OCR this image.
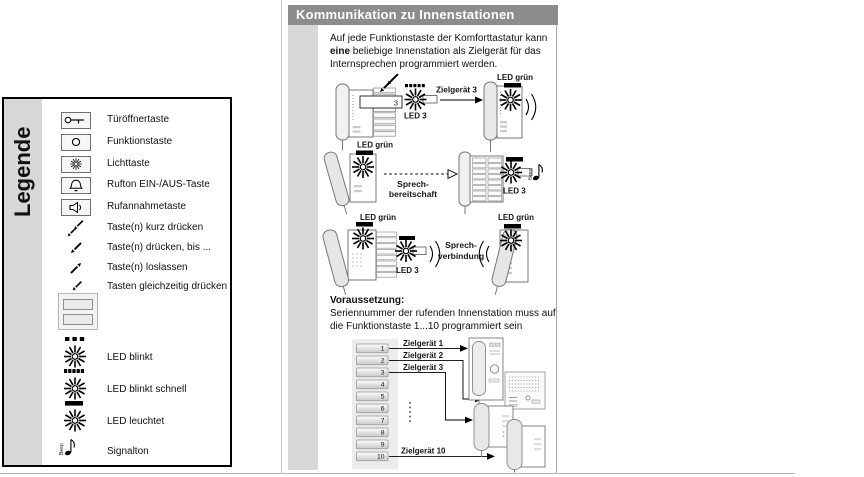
Legende
Türöffnertaste
Funktionstaste
Lichttaste
Rufton EIN-/AUS-Taste
Rufannahmetaste
Taste(n) kurz drücken
Taste(n) drücken, bis ...
Taste(n) loslassen
Tasten gleichzeitig drücken
LED blinkt
LED blinkt schnell
LED leuchtet
Beep	Signalton
Kommunikation zu Innenstationen
Auf jede Funktionstaste der Komforttastatur kann
eine beliebige Innenstation als Zielgerät für das
Internsprechen programmiert werden.
Voraussetzung:
Seriennummer der rufenden Innenstation muss auf
die Funktionstaste 1...10 programmiert sein
3
LED 3
Zielgerät 3
LED grün
LED grün
Sprech-
bereitschaft	LED 3
Beep
LED grün	LED grün
LED 3
Sprech-
verbindung
1
2
3
4
5
6
7
8
9
10
Zielgerät 1
Zielgerät 2
Zielgerät 3
Zielgerät 10
